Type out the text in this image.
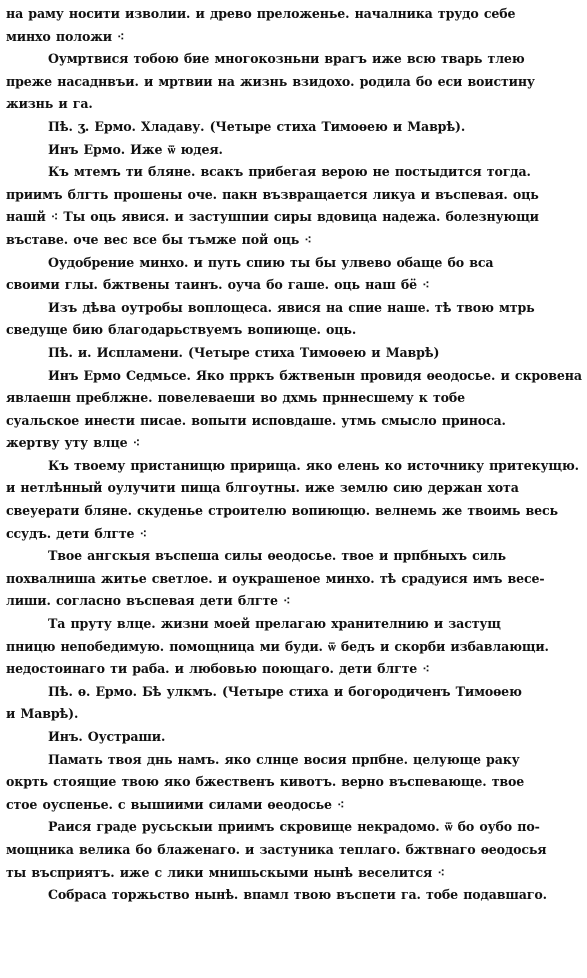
на раму носити изволии. и древо преложенье. началника трудо себе
минхо положи ⁖
Оумртвися тобою бие многокозньни врагъ иже всю тварь тлею
преже насаднвъи. и мртвии на жизнь взидохо. родила бо еси воистину
жизнь и га.
Пѣ. ӡ. Ермо. Хладаву. (Четыре стиха Тимоѳею и Маврѣ).
Инъ Ермо. Иже ѿ юдея.
Къ мтемъ ти бляне. всакъ прибегая верою не постыдится тогда.
приимъ блгть прошены оче. пакн възвращается ликуа и въспевая. оць
нашй ⁖ Ты оць явися. и застушпии сиры вдовица надежа. болезнующи
въставе. оче вес все бы тъмже пой оць ⁖
Оудобрение минхо. и путь спию ты бы улвево обаще бо вса
своими глы. бжтвены таинъ. оуча бо гаше. оць наш бё ⁖
Изъ дѣва оутробы воплощеса. явися на спие наше. тѣ твою мтрь
сведуще бию благодарьствуемъ вопиюще. оць.
Пѣ. и. Испламени. (Четыре стиха Тимоѳею и Маврѣ)
Инъ Ермо Седмьсе. Яко прркъ бжтвенын провидя ѳеодосье. и скровена
явлаешн преблжне. повелеваеши во дхмь прннесшему к тобе
суальское инести писае. вопыти исповдаше. утмь смысло приноса.
жертву уту влце ⁖
Къ твоему пристанищю пририща. яко елень ко источнику притекущю.
и нетлѣнный оулучити пища блгоутны. иже землю сию держан хота
свеуерати бляне. скуденье строителю вопиющю. велнемь же твоимь весь
ссудъ. дети блгте ⁖
Твое ангскыя въспеша силы ѳеодосье. твое и прпбныхъ силь
похвалниша житье светлое. и оукрашеное минхо. тѣ срадуися имъ весе-
лиши. согласно въспевая дети блгте ⁖
Та пруту влце. жизни моей прелагаю хранителнию и застущ
пницю непобедимую. помощница ми буди. ѿ бедъ и скорби избавлающи.
недостоинаго ти раба. и любовью поющаго. дети блгте ⁖
Пѣ. ѳ. Ермо. Бѣ улкмъ. (Четыре стиха и богородиченъ Тимоѳею
и Маврѣ).
Инъ. Оустраши.
Памать твоя днь намъ. яко слнце восия прпбне. целующе раку
окрть стоящие твою яко бжественъ кивотъ. верно въспевающе. твое
стое оуспенье. с вышиими силами ѳеодосье ⁖
Раися граде русьскыи приимъ скровище некрадомо. ѿ бо оубо по-
мощника велика бо блаженаго. и застуника теплаго. бжтвнаго ѳеодосья
ты въсприятъ. иже с лики мнишьскыми нынѣ веселится ⁖
Собраса торжьство нынѣ. впамл твою въспети га. тобе подавшаго.
